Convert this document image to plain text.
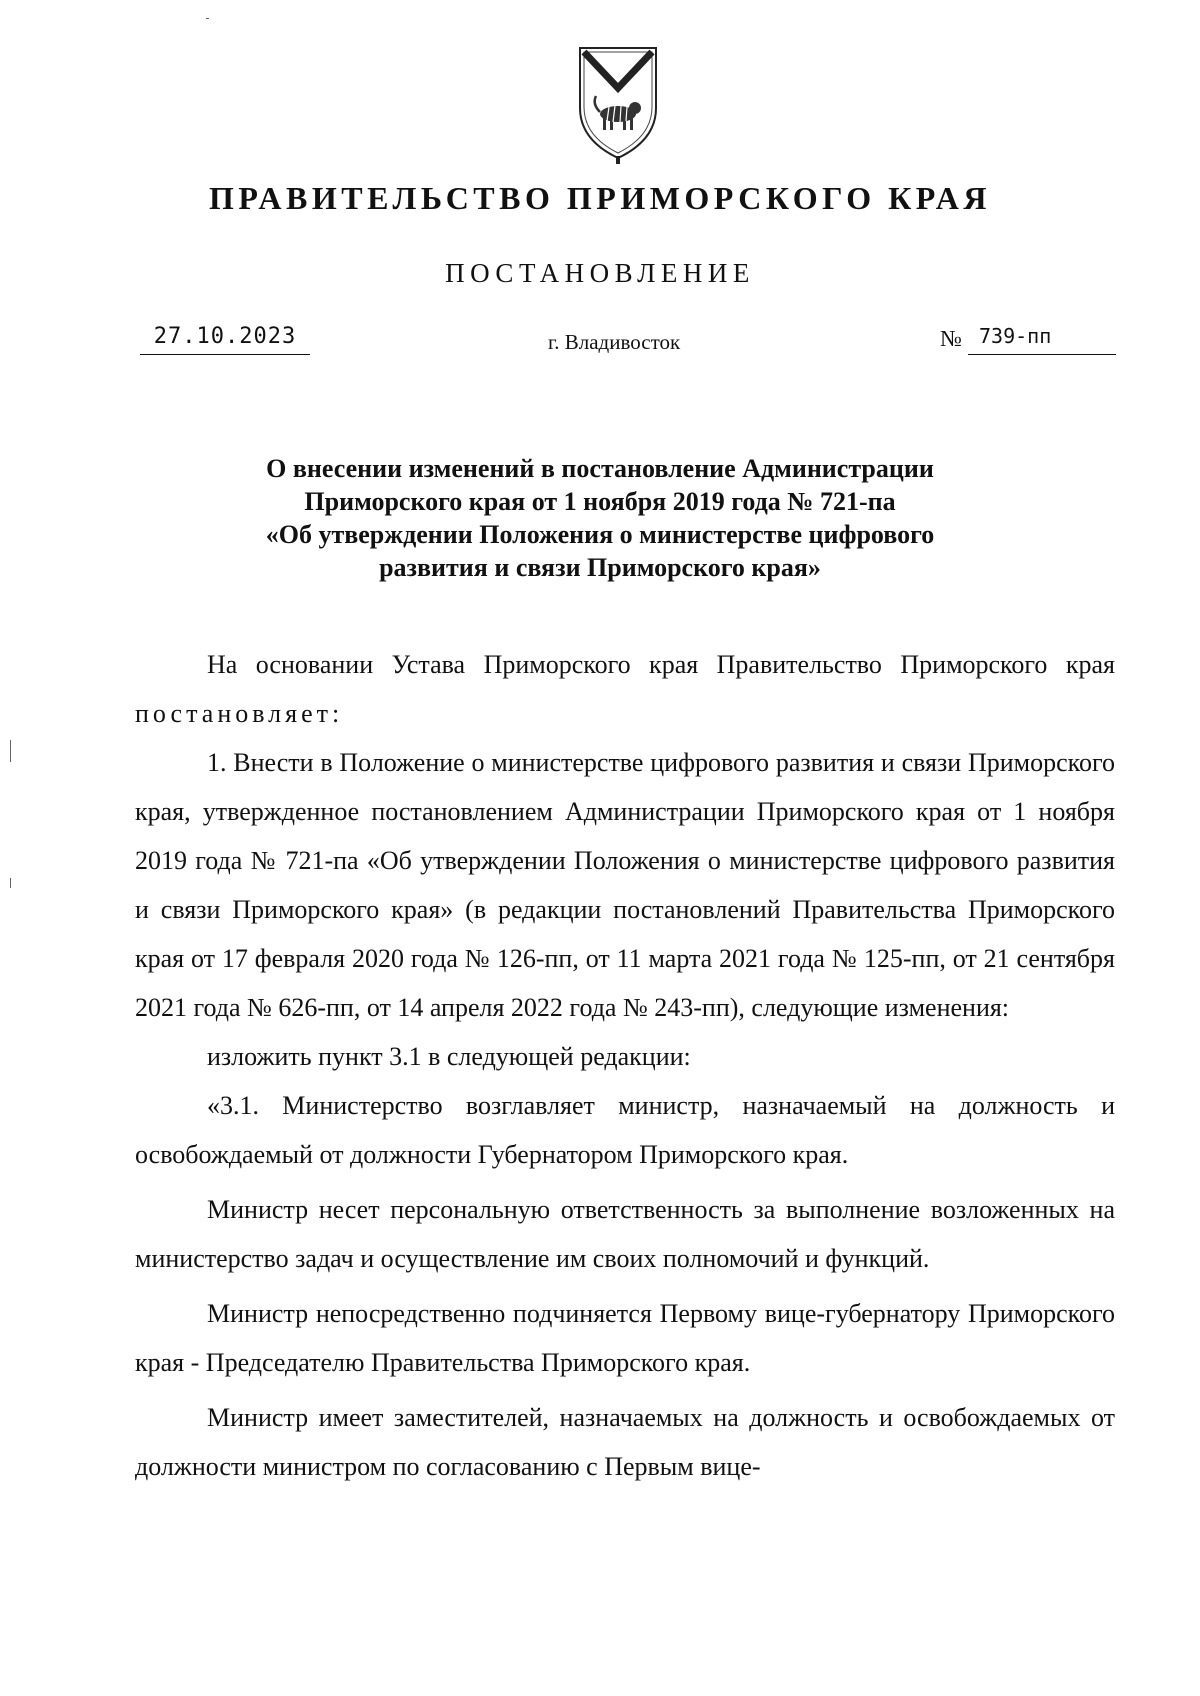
ПРАВИТЕЛЬСТВО ПРИМОРСКОГО КРАЯ
ПОСТАНОВЛЕНИЕ
27.10.2023	г. Владивосток	№ 739-пп
О внесении изменений в постановление Администрации
Приморского края от 1 ноября 2019 года № 721-па
«Об утверждении Положения о министерстве цифрового
развития и связи Приморского края»

На основании Устава Приморского края Правительство Приморского края постановляет:

1. Внести в Положение о министерстве цифрового развития и связи Приморского края, утвержденное постановлением Администрации Приморского края от 1 ноября 2019 года № 721-па «Об утверждении Положения о министерстве цифрового развития и связи Приморского края» (в редакции постановлений Правительства Приморского края от 17 февраля 2020 года № 126-пп, от 11 марта 2021 года № 125-пп, от 21 сентября 2021 года № 626-пп, от 14 апреля 2022 года № 243-пп), следующие изменения:

изложить пункт 3.1 в следующей редакции:

«3.1. Министерство возглавляет министр, назначаемый на должность и освобождаемый от должности Губернатором Приморского края.

Министр несет персональную ответственность за выполнение возложенных на министерство задач и осуществление им своих полномочий и функций.

Министр непосредственно подчиняется Первому вице-губернатору Приморского края - Председателю Правительства Приморского края.

Министр имеет заместителей, назначаемых на должность и освобождаемых от должности министром по согласованию с Первым вице-
